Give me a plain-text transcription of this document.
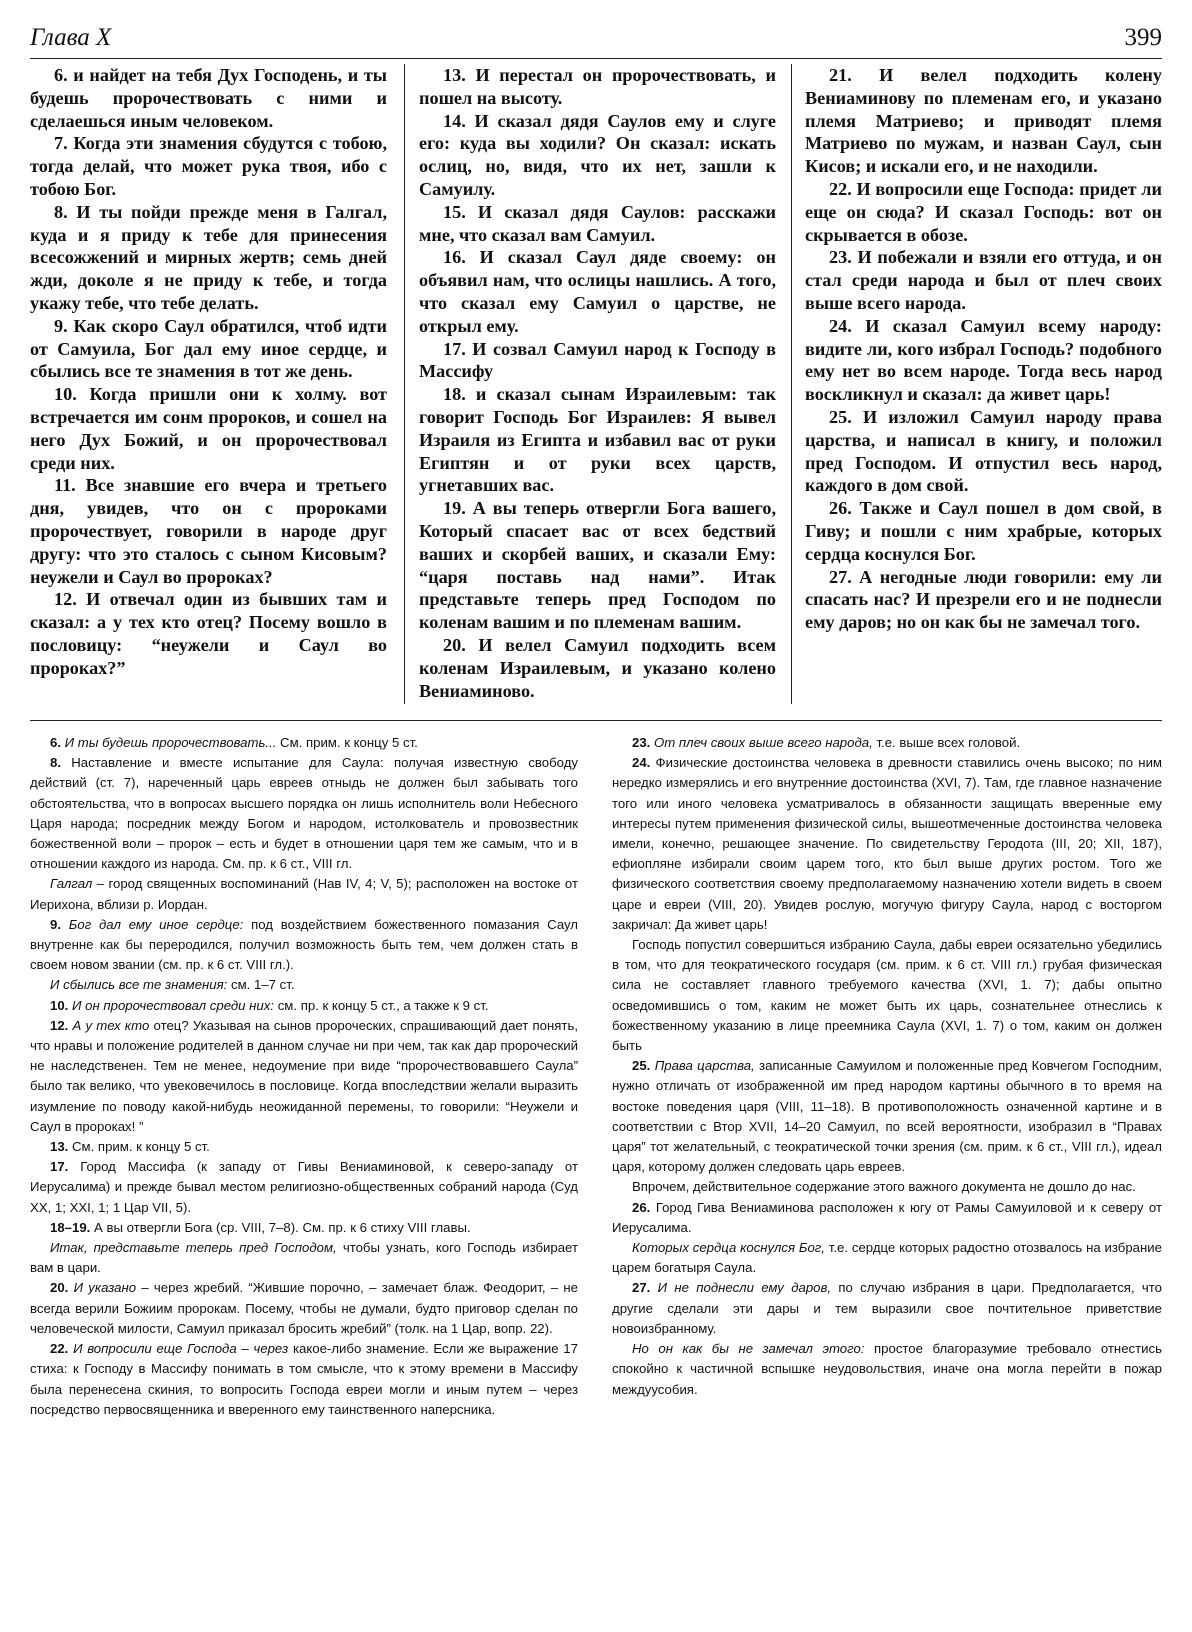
Глава X	399

6. и найдет на тебя Дух Господень, и ты будешь пророчествовать с ними и сделаешься иным человеком.

7. Когда эти знамения сбудутся с тобою, тогда делай, что может рука твоя, ибо с тобою Бог.

8. И ты пойди прежде меня в Галгал, куда и я приду к тебе для принесения всесожжений и мирных жертв; семь дней жди, доколе я не приду к тебе, и тогда укажу тебе, что тебе делать.

9. Как скоро Саул обратился, чтоб идти от Самуила, Бог дал ему иное сердце, и сбылись все те знамения в тот же день.

10. Когда пришли они к холму. вот встречается им сонм пророков, и сошел на него Дух Божий, и он пророчествовал среди них.

11. Все знавшие его вчера и третьего дня, увидев, что он с пророками пророчествует, говорили в народе друг другу: что это сталось с сыном Кисовым? неужели и Саул во пророках?

12. И отвечал один из бывших там и сказал: а у тех кто отец? Посему вошло в пословицу: “неужели и Саул во пророках?”

13. И перестал он пророчествовать, и пошел на высоту.

14. И сказал дядя Саулов ему и слуге его: куда вы ходили? Он сказал: искать ослиц, но, видя, что их нет, зашли к Самуилу.

15. И сказал дядя Саулов: расскажи мне, что сказал вам Самуил.

16. И сказал Саул дяде своему: он объявил нам, что ослицы нашлись. А того, что сказал ему Самуил о царстве, не открыл ему.

17. И созвал Самуил народ к Господу в Массифу

18. и сказал сынам Израилевым: так говорит Господь Бог Израилев: Я вывел Израиля из Египта и избавил вас от руки Египтян и от руки всех царств, угнетавших вас.

19. А вы теперь отвергли Бога вашего, Который спасает вас от всех бедствий ваших и скорбей ваших, и сказали Ему: “царя поставь над нами”. Итак представьте теперь пред Господом по коленам вашим и по племенам вашим.

20. И велел Самуил подходить всем коленам Израилевым, и указано колено Вениаминово.

21. И велел подходить колену Вениаминову по племенам его, и указано племя Матриево; и приводят племя Матриево по мужам, и назван Саул, сын Кисов; и искали его, и не находили.

22. И вопросили еще Господа: придет ли еще он сюда? И сказал Господь: вот он скрывается в обозе.

23. И побежали и взяли его оттуда, и он стал среди народа и был от плеч своих выше всего народа.

24. И сказал Самуил всему народу: видите ли, кого избрал Господь? подобного ему нет во всем народе. Тогда весь народ воскликнул и сказал: да живет царь!

25. И изложил Самуил народу права царства, и написал в книгу, и положил пред Господом. И отпустил весь народ, каждого в дом свой.

26. Также и Саул пошел в дом свой, в Гиву; и пошли с ним храбрые, которых сердца коснулся Бог.

27. А негодные люди говорили: ему ли спасать нас? И презрели его и не поднесли ему даров; но он как бы не замечал того.

6. И ты будешь пророчествовать... См. прим. к концу 5 ст.

8. Наставление и вместе испытание для Саула: получая известную свободу действий (ст. 7), нареченный царь евреев отныдь не должен был забывать того обстоятельства, что в вопросах высшего порядка он лишь исполнитель воли Небесного Царя народа; посредник между Богом и народом, истолкователь и провозвестник божественной воли – пророк – есть и будет в отношении царя тем же самым, что и в отношении каждого из народа. См. пр. к 6 ст., VIII гл.

Галгал – город священных воспоминаний (Нав IV, 4; V, 5); расположен на востоке от Иерихона, вблизи р. Иордан.

9. Бог дал ему иное сердце: под воздействием божественного помазания Саул внутренне как бы переродился, получил возможность быть тем, чем должен стать в своем новом звании (см. пр. к 6 ст. VIII гл.).

И сбылись все те знамения: см. 1–7 ст.

10. И он пророчествовал среди них: см. пр. к концу 5 ст., а также к 9 ст.

12. А у тех кто отец? Указывая на сынов пророческих, спрашивающий дает понять, что нравы и положение родителей в данном случае ни при чем, так как дар пророческий не наследственен. Тем не менее, недоумение при виде “пророчествовавшего Саула” было так велико, что увековечилось в пословице. Когда впоследствии желали выразить изумление по поводу какой-нибудь неожиданной перемены, то говорили: “Неужели и Саул в пророках! ”

13. См. прим. к концу 5 ст.

17. Город Массифа (к западу от Гивы Вениаминовой, к северо-западу от Иерусалима) и прежде бывал местом религиозно-общественных собраний народа (Суд XX, 1; XXI, 1; 1 Цар VII, 5).

18–19. А вы отвергли Бога (ср. VIII, 7–8). См. пр. к 6 стиху VIII главы.

Итак, представьте теперь пред Господом, чтобы узнать, кого Господь избирает вам в цари.

20. И указано – через жребий. “Жившие порочно, – замечает блаж. Феодорит, – не всегда верили Божиим пророкам. Посему, чтобы не думали, будто приговор сделан по человеческой милости, Самуил приказал бросить жребий” (толк. на 1 Цар, вопр. 22).

22. И вопросили еще Господа – через какое-либо знамение. Если же выражение 17 стиха: к Господу в Массифу понимать в том смысле, что к этому времени в Массифу была перенесена скиния, то вопросить Господа евреи могли и иным путем – через посредство первосвященника и вверенного ему таинственного наперсника.

23. От плеч своих выше всего народа, т.е. выше всех головой.

24. Физические достоинства человека в древности ставились очень высоко; по ним нередко измерялись и его внутренние достоинства (XVI, 7). Там, где главное назначение того или иного человека усматривалось в обязанности защищать вверенные ему интересы путем применения физической силы, вышеотмеченные достоинства человека имели, конечно, решающее значение. По свидетельству Геродота (III, 20; XII, 187), ефиопляне избирали своим царем того, кто был выше других ростом. Того же физического соответствия своему предполагаемому назначению хотели видеть в своем царе и евреи (VIII, 20). Увидев рослую, могучую фигуру Саула, народ с восторгом закричал: Да живет царь!

Господь попустил совершиться избранию Саула, дабы евреи осязательно убедились в том, что для теократического государя (см. прим. к 6 ст. VIII гл.) грубая физическая сила не составляет главного требуемого качества (XVI, 1. 7); дабы опытно осведомившись о том, каким не может быть их царь, сознательнее отнеслись к божественному указанию в лице преемника Саула (XVI, 1. 7) о том, каким он должен быть

25. Права царства, записанные Самуилом и положенные пред Ковчегом Господним, нужно отличать от изображенной им пред народом картины обычного в то время на востоке поведения царя (VIII, 11–18). В противоположность означенной картине и в соответствии с Втор XVII, 14–20 Самуил, по всей вероятности, изобразил в “Правах царя” тот желательный, с теократической точки зрения (см. прим. к 6 ст., VIII гл.), идеал царя, которому должен следовать царь евреев.

Впрочем, действительное содержание этого важного документа не дошло до нас.

26. Город Гива Вениаминова расположен к югу от Рамы Самуиловой и к северу от Иерусалима.

Которых сердца коснулся Бог, т.е. сердце которых радостно отозвалось на избрание царем богатыря Саула.

27. И не поднесли ему даров, по случаю избрания в цари. Предполагается, что другие сделали эти дары и тем выразили свое почтительное приветствие новоизбранному.

Но он как бы не замечал этого: простое благоразумие требовало отнестись спокойно к частичной вспышке неудовольствия, иначе она могла перейти в пожар междуусобия.
